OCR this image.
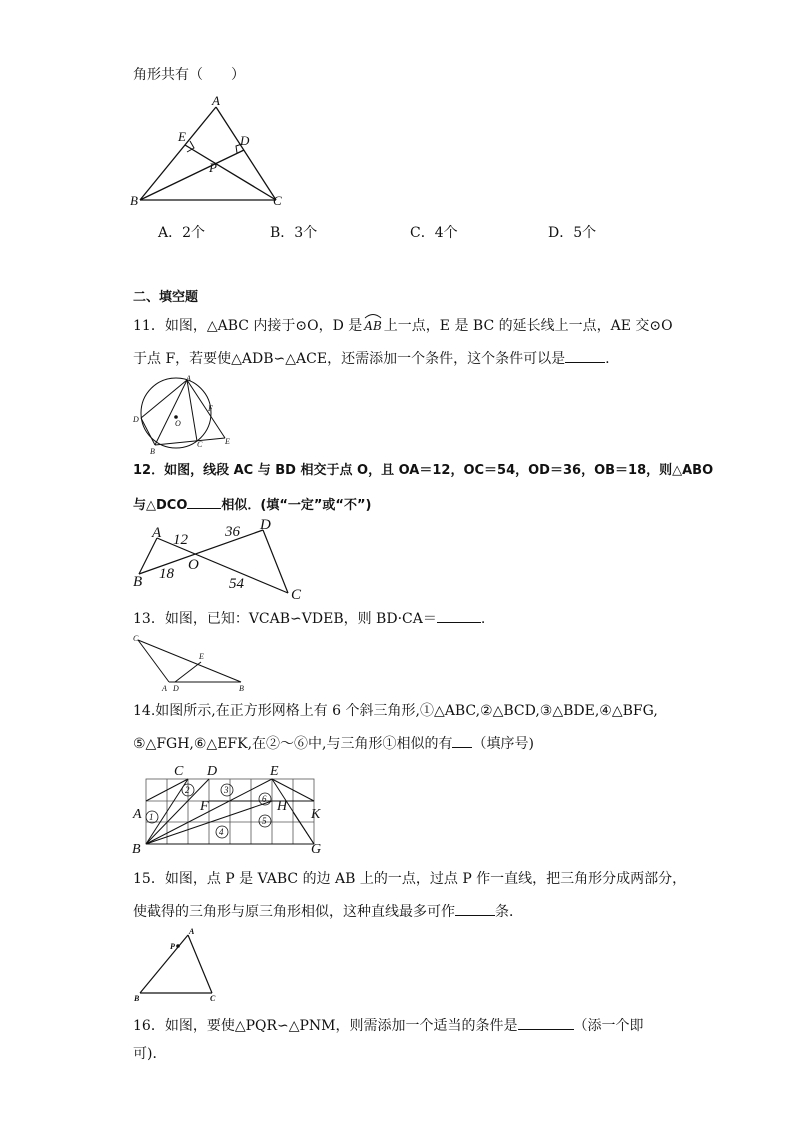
角形共有（　　）
A
E	D
P
B	C
A．2个	B．3个	C．4个	D．5个
二、填空题
11．如图，△ABC 内接于⊙O，D 是 AB 上一点，E 是 BC 的延长线上一点，AE 交⊙O
于点 F，若要使△ADB∽△ACE，还需添加一个条件，这个条件可以是	.
A
D	O
F
B
C	E
12．如图，线段 AC 与 BD 相交于点 O，且 OA＝12，OC＝54，OD＝36，OB＝18，则△ABO
与△DCO	相似．(填“一定”或“不”)
A
B
O
D
C
12 36
18
54
13．如图，已知：VCAB∽VDEB，则 BD·CA＝	.
C
E
A D	B
14.如图所示,在正方形网格上有 6 个斜三角形,①△ABC,②△BCD,③△BDE,④△BFG,
⑤△FGH,⑥△EFK,在②～⑥中,与三角形①相似的有 （填序号)
1
2	3
4
5
6
C D	E
A
F	H
K
B	G
15．如图，点 P 是 VABC 的边 AB 上的一点，过点 P 作一直线，把三角形分成两部分，
使截得的三角形与原三角形相似，这种直线最多可作	条．
A
P
B	C
16．如图，要使△PQR∽△PNM，则需添加一个适当的条件是	（添一个即
可)．
